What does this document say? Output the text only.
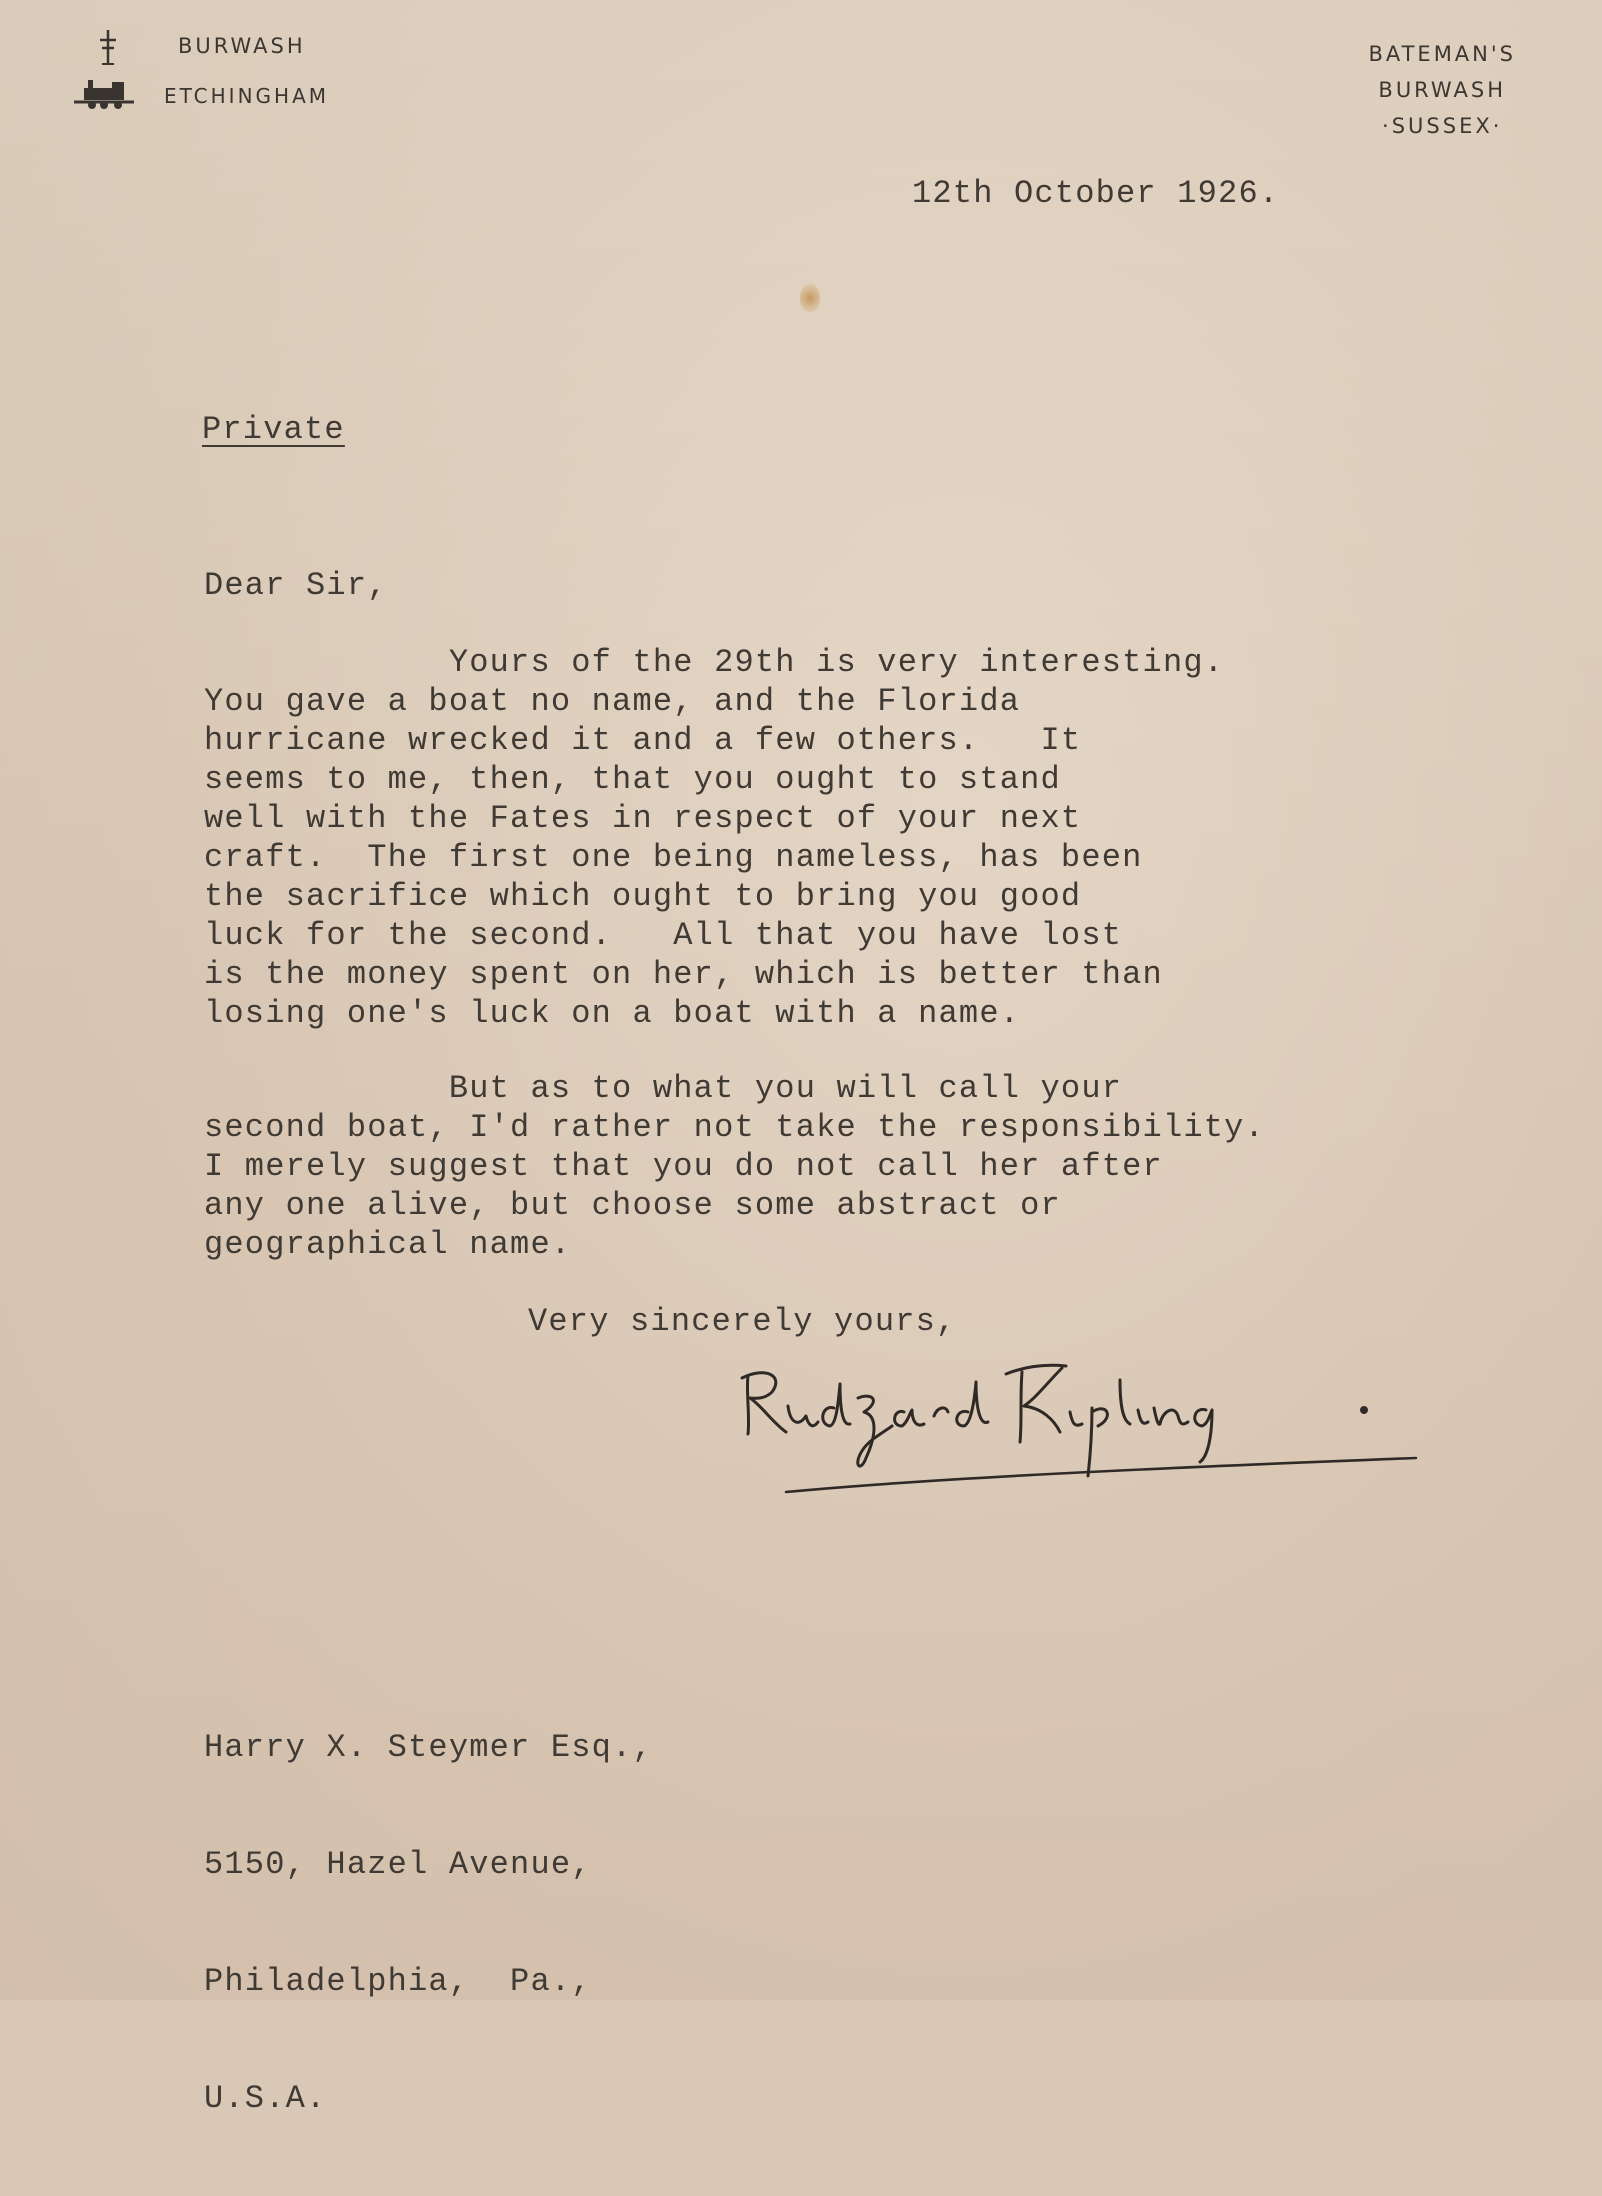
BURWASH
ETCHINGHAM
BATEMAN'S
BURWASH
·SUSSEX·
12th October 1926.
Private
Dear Sir,
Yours of the 29th is very interesting.
You gave a boat no name, and the Florida
hurricane wrecked it and a few others.   It
seems to me, then, that you ought to stand
well with the Fates in respect of your next
craft.  The first one being nameless, has been
the sacrifice which ought to bring you good
luck for the second.   All that you have lost
is the money spent on her, which is better than
losing one's luck on a boat with a name.
But as to what you will call your
second boat, I'd rather not take the responsibility.
I merely suggest that you do not call her after
any one alive, but choose some abstract or
geographical name.
Very sincerely yours,

Harry X. Steymer Esq.,

5150, Hazel Avenue,

Philadelphia,  Pa.,

U.S.A.
